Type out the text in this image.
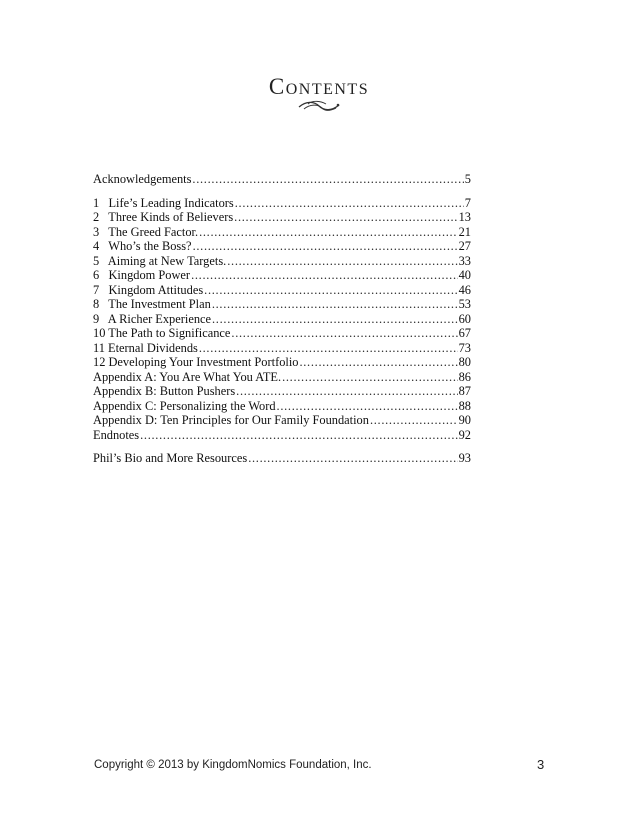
Contents
Acknowledgements . . .	5
1   Life’s Leading Indicators . . .	7
2   Three Kinds of Believers . . .	13
3   The Greed Factor. . . .	21
4   Who’s the Boss? . . .	27
5   Aiming at New Targets. . . .	33
6   Kingdom Power . . .	40
7   Kingdom Attitudes . . .	46
8   The Investment Plan . . .	53
9   A Richer Experience . . .	60
10 The Path to Significance . . .	67
11 Eternal Dividends . . .	73
12 Developing Your Investment Portfolio . . .	80
Appendix A: You Are What You ATE. . . .	86
Appendix B: Button Pushers . . .	87
Appendix C: Personalizing the Word . . .	88
Appendix D: Ten Principles for Our Family Foundation . . .	90
Endnotes . . .	92
Phil’s Bio and More Resources . . .	93
Copyright © 2013 by KingdomNomics Foundation, Inc.	3
